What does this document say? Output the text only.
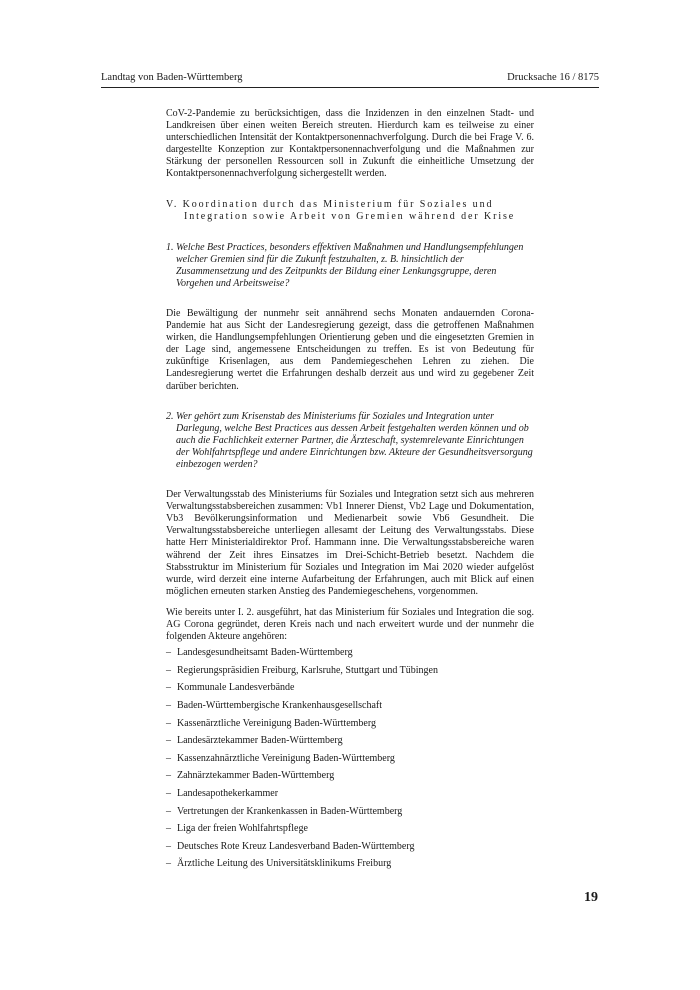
Landtag von Baden-Württemberg	Drucksache 16 / 8175

CoV-2-Pandemie zu berücksichtigen, dass die Inzidenzen in den einzelnen Stadt- und Landkreisen über einen weiten Bereich streuten. Hierdurch kam es teilweise zu einer unterschiedlichen Intensität der Kontaktpersonennachverfolgung. Durch die bei Frage V. 6. dargestellte Konzeption zur Kontaktpersonennachverfolgung und die Maßnahmen zur Stärkung der personellen Ressourcen soll in Zukunft die einheitliche Umsetzung der Kontaktpersonennachverfolgung sichergestellt werden.

V. Koordination durch das Ministerium für Soziales und
Integration sowie Arbeit von Gremien während der Krise
1. Welche Best Practices, besonders effektiven Maßnahmen und Handlungsempfehlungen welcher Gremien sind für die Zukunft festzuhalten, z. B. hinsichtlich der Zusammensetzung und des Zeitpunkts der Bildung einer Lenkungsgruppe, deren Vorgehen und Arbeitsweise?

Die Bewältigung der nunmehr seit annährend sechs Monaten andauernden Corona-Pandemie hat aus Sicht der Landesregierung gezeigt, dass die getroffenen Maßnahmen wirken, die Handlungsempfehlungen Orientierung geben und die eingesetzten Gremien in der Lage sind, angemessene Entscheidungen zu treffen. Es ist von Bedeutung für zukünftige Krisenlagen, aus dem Pandemiegeschehen Lehren zu ziehen. Die Landesregierung wertet die Erfahrungen deshalb derzeit aus und wird zu gegebener Zeit darüber berichten.

2. Wer gehört zum Krisenstab des Ministeriums für Soziales und Integration unter Darlegung, welche Best Practices aus dessen Arbeit festgehalten werden können und ob auch die Fachlichkeit externer Partner, die Ärzteschaft, systemrelevante Einrichtungen der Wohlfahrtspflege und andere Einrichtungen bzw. Akteure der Gesundheitsversorgung einbezogen werden?

Der Verwaltungsstab des Ministeriums für Soziales und Integration setzt sich aus mehreren Verwaltungsstabsbereichen zusammen: Vb1 Innerer Dienst, Vb2 Lage und Dokumentation, Vb3 Bevölkerungsinformation und Medienarbeit sowie Vb6 Gesundheit. Die Verwaltungsstabsbereiche unterliegen allesamt der Leitung des Verwaltungsstabs. Diese hatte Herr Ministerialdirektor Prof. Hammann inne. Die Verwaltungsstabsbereiche waren während der Zeit ihres Einsatzes im Drei-Schicht-Betrieb besetzt. Nachdem die Stabsstruktur im Ministerium für Soziales und Integration im Mai 2020 wieder aufgelöst wurde, wird derzeit eine interne Aufarbeitung der Erfahrungen, auch mit Blick auf einen möglichen erneuten starken Anstieg des Pandemiegeschehens, vorgenommen.

Wie bereits unter I. 2. ausgeführt, hat das Ministerium für Soziales und Integration die sog. AG Corona gegründet, deren Kreis nach und nach erweitert wurde und der nunmehr die folgenden Akteure angehören:

– Landesgesundheitsamt Baden-Württemberg
– Regierungspräsidien Freiburg, Karlsruhe, Stuttgart und Tübingen
– Kommunale Landesverbände
– Baden-Württembergische Krankenhausgesellschaft
– Kassenärztliche Vereinigung Baden-Württemberg
– Landesärztekammer Baden-Württemberg
– Kassenzahnärztliche Vereinigung Baden-Württemberg
– Zahnärztekammer Baden-Württemberg
– Landesapothekerkammer
– Vertretungen der Krankenkassen in Baden-Württemberg
– Liga der freien Wohlfahrtspflege
– Deutsches Rote Kreuz Landesverband Baden-Württemberg
– Ärztliche Leitung des Universitätsklinikums Freiburg
19
